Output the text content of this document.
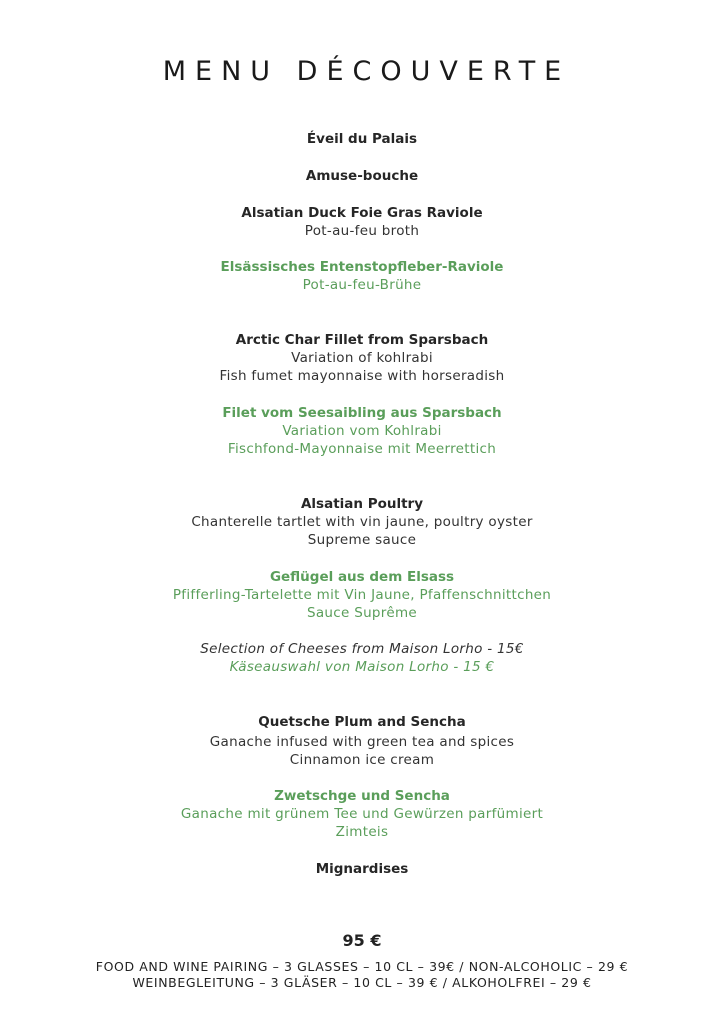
MENU DÉCOUVERTE
Éveil du Palais
Amuse-bouche
Alsatian Duck Foie Gras Raviole
Pot-au-feu broth
Elsässisches Entenstopfleber-Raviole
Pot-au-feu-Brühe
Arctic Char Fillet from Sparsbach
Variation of kohlrabi
Fish fumet mayonnaise with horseradish
Filet vom Seesaibling aus Sparsbach
Variation vom Kohlrabi
Fischfond-Mayonnaise mit Meerrettich
Alsatian Poultry
Chanterelle tartlet with vin jaune, poultry oyster
Supreme sauce
Geflügel aus dem Elsass
Pfifferling-Tartelette mit Vin Jaune, Pfaffenschnittchen
Sauce Suprême
Selection of Cheeses from Maison Lorho - 15€
Käseauswahl von Maison Lorho - 15 €
Quetsche Plum and Sencha
Ganache infused with green tea and spices
Cinnamon ice cream
Zwetschge und Sencha
Ganache mit grünem Tee und Gewürzen parfümiert
Zimteis
Mignardises
95 €
FOOD AND WINE PAIRING – 3 GLASSES – 10 CL – 39€ / NON-ALCOHOLIC – 29 €
WEINBEGLEITUNG – 3 GLÄSER – 10 CL – 39 € / ALKOHOLFREI – 29 €
